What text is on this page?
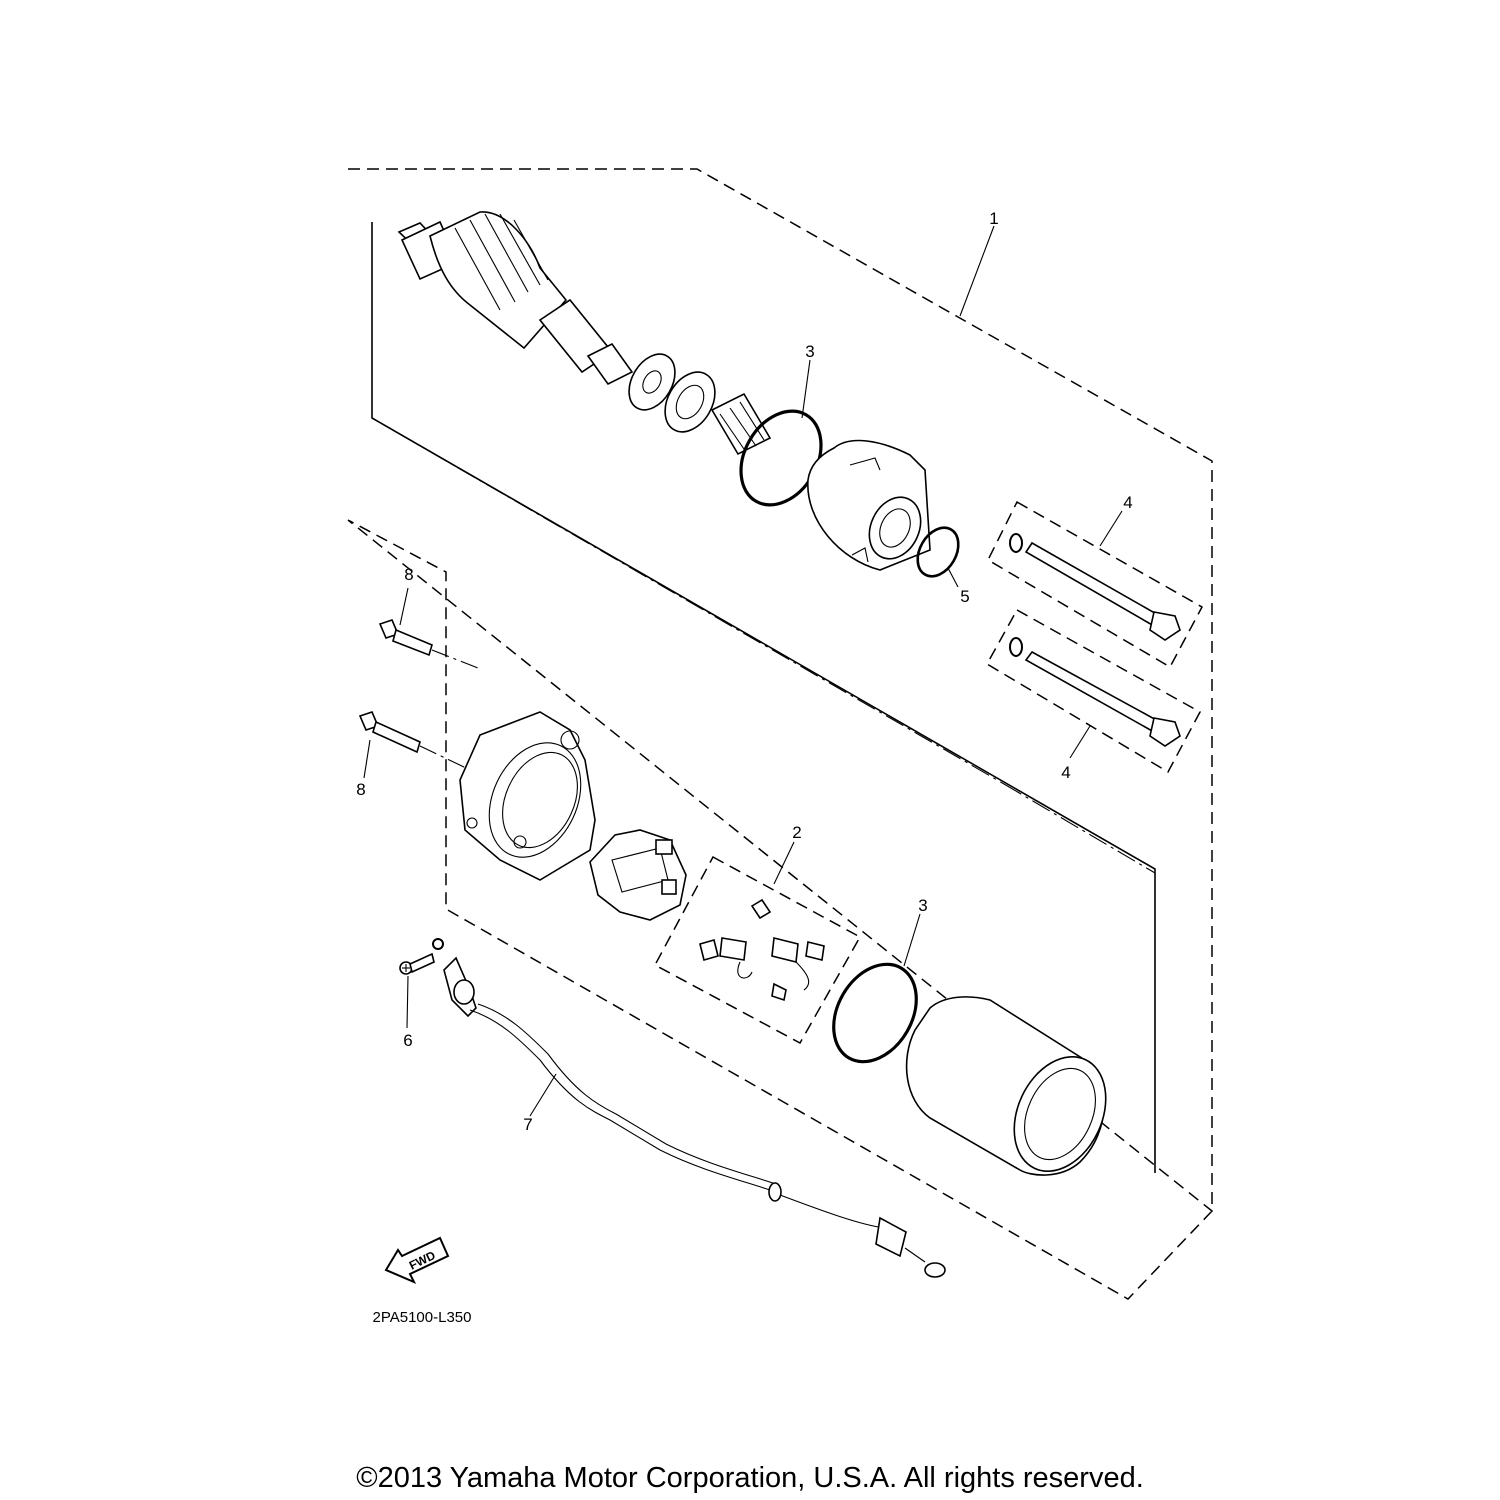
1
2
3
3
4
4
5
6
7
8
8
FWD
2PA5100-L350
©2013 Yamaha Motor Corporation, U.S.A. All rights reserved.
